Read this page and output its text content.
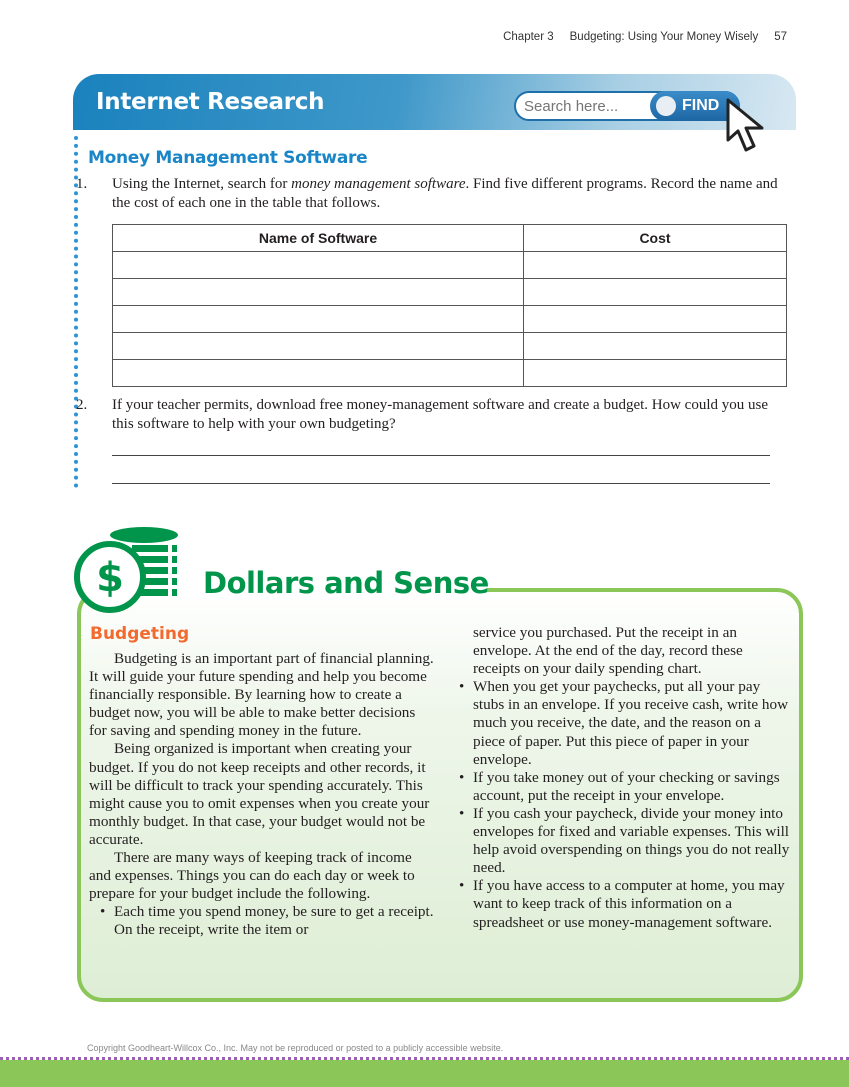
Chapter 3 Budgeting: Using Your Money Wisely 57
Internet Research
Search here...	FIND
Money Management Software
1. Using the Internet, search for money management software. Find five different programs. Record the name and the cost of each one in the table that follows.
Name of Software	Cost

2. If your teacher permits, download free money-management software and create a budget. How could you use this software to help with your own budgeting?
$	Dollars and Sense
Budgeting

Budgeting is an important part of financial planning. It will guide your future spending and help you become financially responsible. By learning how to create a budget now, you will be able to make better decisions for saving and spending money in the future.

Being organized is important when creating your budget. If you do not keep receipts and other records, it will be difficult to track your spending accurately. This might cause you to omit expenses when you create your monthly budget. In that case, your budget would not be accurate.

There are many ways of keeping track of income and expenses. Things you can do each day or week to prepare for your budget include the following.

• Each time you spend money, be sure to get a receipt. On the receipt, write the item or
service you purchased. Put the receipt in an envelope. At the end of the day, record these receipts on your daily spending chart.
• When you get your paychecks, put all your pay stubs in an envelope. If you receive cash, write how much you receive, the date, and the reason on a piece of paper. Put this piece of paper in your envelope.
• If you take money out of your checking or savings account, put the receipt in your envelope.
• If you cash your paycheck, divide your money into envelopes for fixed and variable expenses. This will help avoid overspending on things you do not really need.
• If you have access to a computer at home, you may want to keep track of this information on a spreadsheet or use money-management software.
Copyright Goodheart-Willcox Co., Inc. May not be reproduced or posted to a publicly accessible website.
